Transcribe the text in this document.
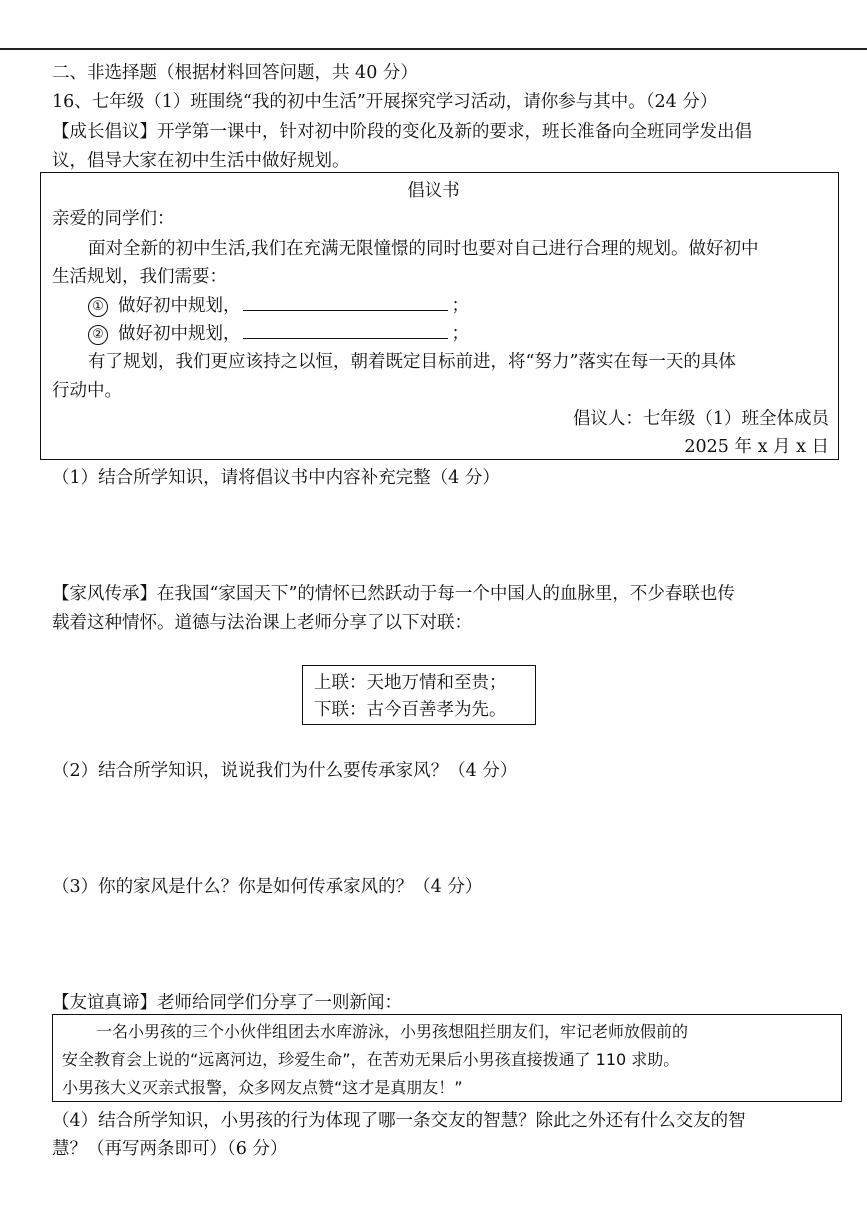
二、非选择题（根据材料回答问题，共 40 分）
16、七年级（1）班围绕“我的初中生活”开展探究学习活动，请你参与其中。（24 分）
【成长倡议】开学第一课中，针对初中阶段的变化及新的要求，班长准备向全班同学发出倡
议，倡导大家在初中生活中做好规划。
倡议书
亲爱的同学们：
面对全新的初中生活,我们在充满无限憧憬的同时也要对自己进行合理的规划。做好初中
生活规划，我们需要：
① 做好初中规划，	；
② 做好初中规划，	；
有了规划，我们更应该持之以恒，朝着既定目标前进，将“努力”落实在每一天的具体
行动中。
倡议人：七年级（1）班全体成员
2025 年 x 月 x 日
（1）结合所学知识，请将倡议书中内容补充完整（4 分）
【家风传承】在我国“家国天下”的情怀已然跃动于每一个中国人的血脉里，不少春联也传
载着这种情怀。道德与法治课上老师分享了以下对联：
上联：天地万情和至贵；
下联：古今百善孝为先。
（2）结合所学知识，说说我们为什么要传承家风？（4 分）
（3）你的家风是什么？你是如何传承家风的？（4 分）
【友谊真谛】老师给同学们分享了一则新闻：
一名小男孩的三个小伙伴组团去水库游泳，小男孩想阻拦朋友们，牢记老师放假前的
安全教育会上说的“远离河边，珍爱生命”，在苦劝无果后小男孩直接拨通了 110 求助。
小男孩大义灭亲式报警，众多网友点赞“这才是真朋友！”
（4）结合所学知识，小男孩的行为体现了哪一条交友的智慧？除此之外还有什么交友的智
慧？（再写两条即可）（6 分）
